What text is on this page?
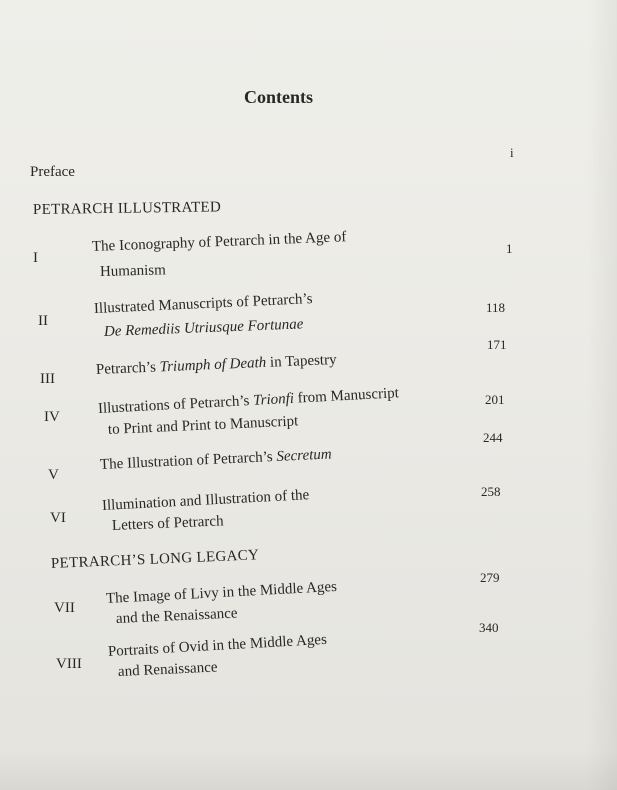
Contents
Preface
i
PETRARCH ILLUSTRATED
I
The Iconography of Petrarch in the Age of
Humanism
1
II
Illustrated Manuscripts of Petrarch’s
De Remediis Utriusque Fortunae
118
III
Petrarch’s Triumph of Death in Tapestry
171
IV
Illustrations of Petrarch’s Trionfi from Manuscript
to Print and Print to Manuscript
201
V
The Illustration of Petrarch’s Secretum
244
VI
Illumination and Illustration of the
Letters of Petrarch
258
PETRARCH’S LONG LEGACY
VII
The Image of Livy in the Middle Ages
and the Renaissance
279
VIII
Portraits of Ovid in the Middle Ages
and Renaissance
340
